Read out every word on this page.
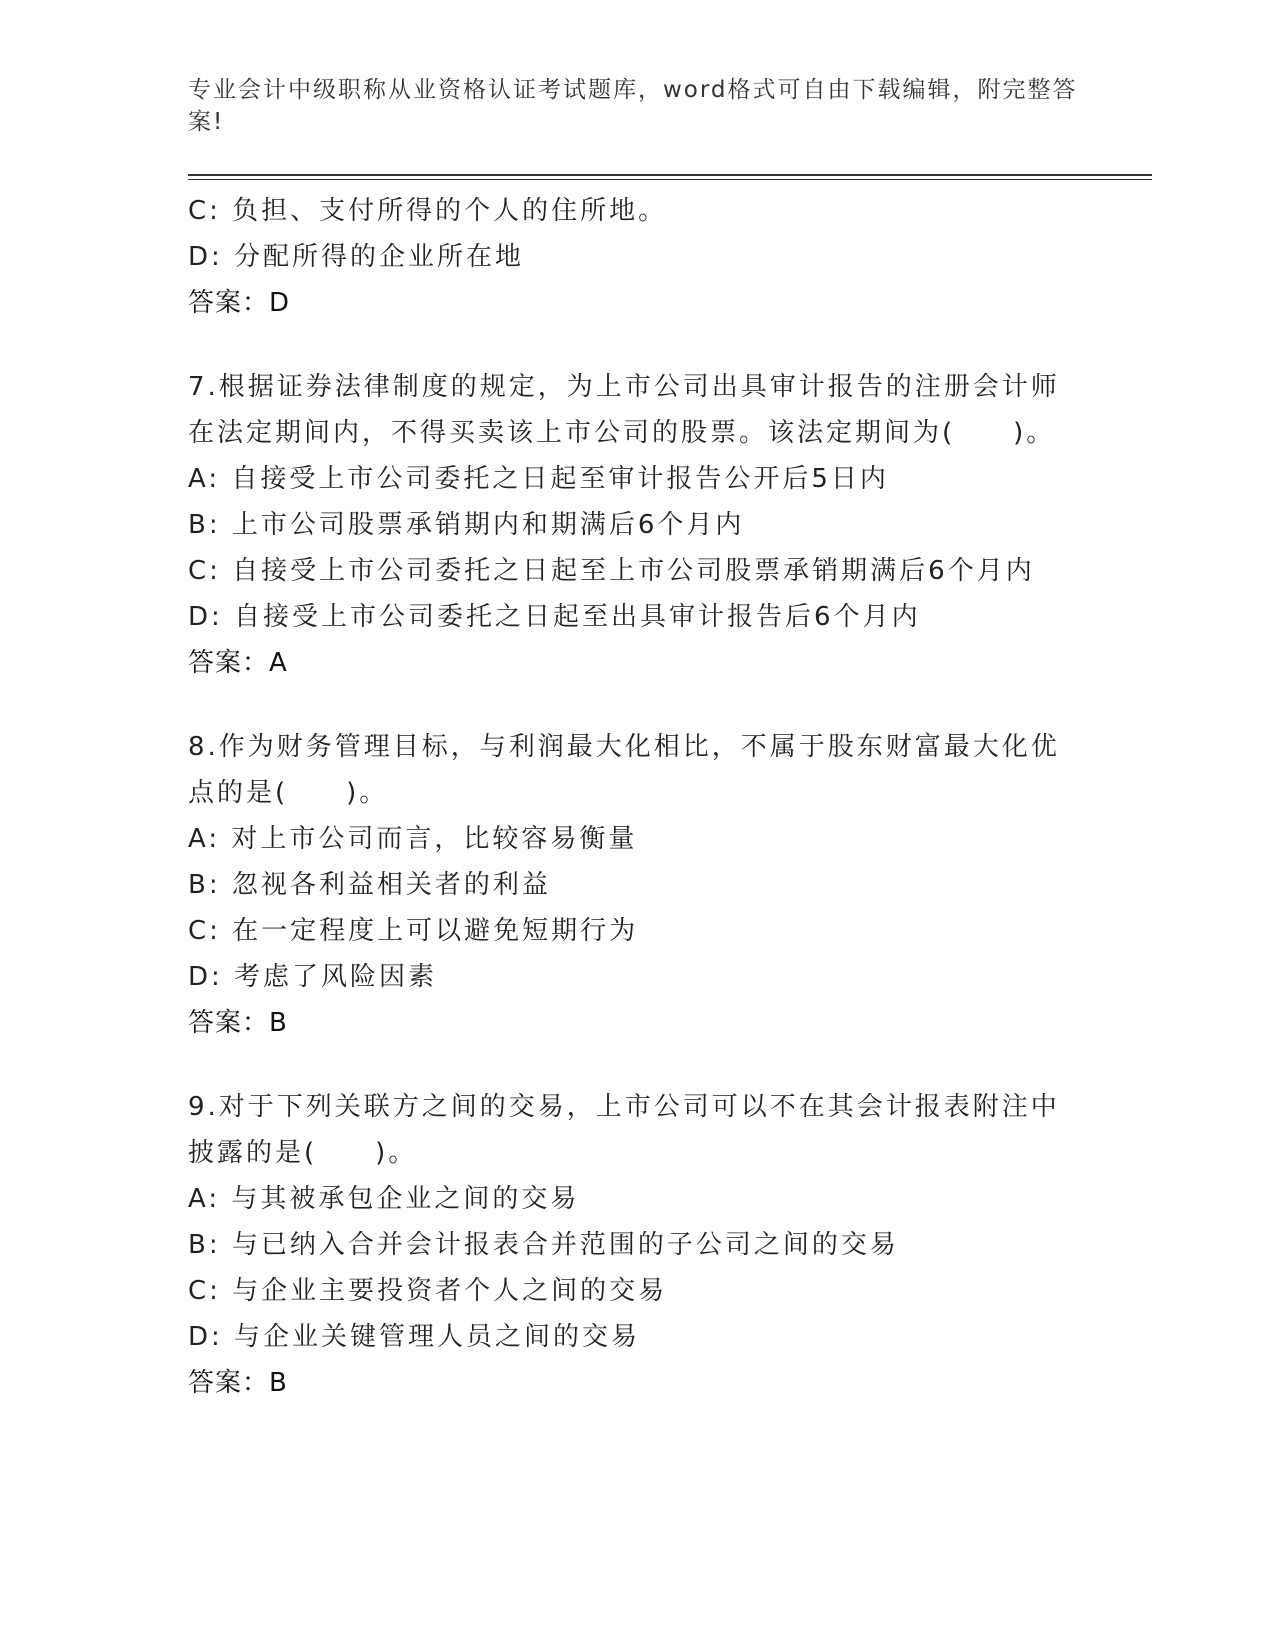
专业会计中级职称从业资格认证考试题库，word格式可自由下载编辑，附完整答
案!
C: 负担、支付所得的个人的住所地。
D: 分配所得的企业所在地
答案：D
7.根据证券法律制度的规定，为上市公司出具审计报告的注册会计师
在法定期间内，不得买卖该上市公司的股票。该法定期间为(　　)。
A: 自接受上市公司委托之日起至审计报告公开后5日内
B: 上市公司股票承销期内和期满后6个月内
C: 自接受上市公司委托之日起至上市公司股票承销期满后6个月内
D: 自接受上市公司委托之日起至出具审计报告后6个月内
答案：A
8.作为财务管理目标，与利润最大化相比，不属于股东财富最大化优
点的是(　　)。
A: 对上市公司而言，比较容易衡量
B: 忽视各利益相关者的利益
C: 在一定程度上可以避免短期行为
D: 考虑了风险因素
答案：B
9.对于下列关联方之间的交易，上市公司可以不在其会计报表附注中
披露的是(　　)。
A: 与其被承包企业之间的交易
B: 与已纳入合并会计报表合并范围的子公司之间的交易
C: 与企业主要投资者个人之间的交易
D: 与企业关键管理人员之间的交易
答案：B
